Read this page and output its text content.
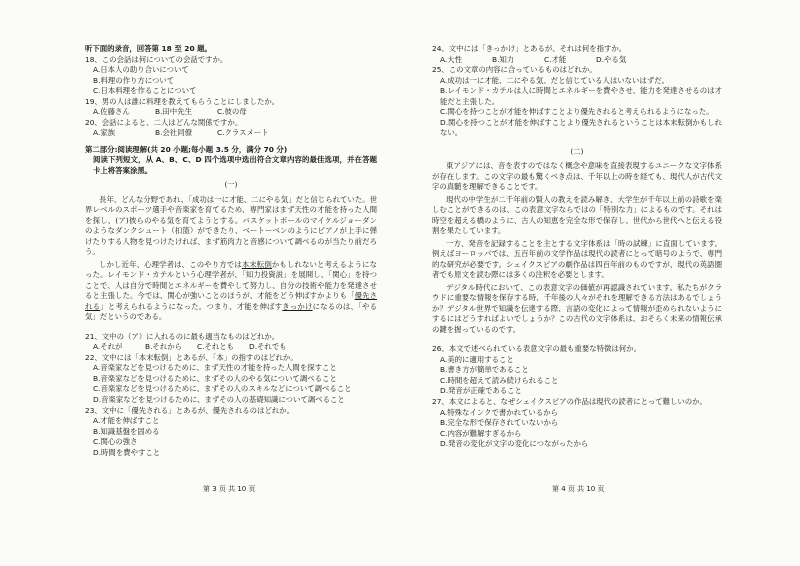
听下面的录音，回答第 18 至 20 题。
18、この会話は何についての会話ですか。
A.日本人の助り合いについて
B.料理の作り方について
C.日本料理を作ることについて
19、男の人は誰に料理を教えてもらうことにしましたか。
A.佐藤さん	B.田中先生	C.彼の母
20、会話によると、二人はどんな関係ですか。
A.家族	B.会社同僚	C.クラスメート
第二部分:阅读理解(共 20 小题;每小题 3.5 分，满分 70 分)
阅读下列短文，从 A、B、C、D 四个选项中选出符合文章内容的最佳选项，并在答题卡上将答案涂黑。
(一)
長年、どんな分野であれ、「成功は一に才能、二にやる気」だと信じられていた。世界レベルのスポーツ選手や音楽家を育てるため、専門家はまず天性の才能を持った人間を探し、(ア)彼らのやる気を育てようとする。バスケットボールのマイケルジョーダンのようなダンクシュート（扣篮）ができたり、ベートーベンのようにピアノが上手に弾けたりする人物を見つけたければ、まず筋肉力と音感について調べるのが当たり前だろう。
しかし近年、心理学者は、このやり方では本末転倒かもしれないと考えるようになった。レイモンド・カテルという心理学者が、「知力投資説」を展開し、「関心」を持つことで、人は自分で時間とエネルギーを費やして努力し、自分の技術や能力を発達させると主張した。今では、関心が強いことのほうが、才能をどう伸ばすかよりも「優先される」と考えられるようになった。つまり、才能を伸ばすきっかけになるのは、「やる気」だというのである。
21、文中の（ア）に入れるのに最も適当なものはどれか。
A.それが	B.それから	C.それとも	D.それでも
22、文中には「本末転倒」とあるが、「本」の指すのはどれか。
A.音楽家などを見つけるために、まず天性の才能を持った人間を探すこと
B.音楽家などを見つけるために、まずその人のやる気について調べること
C.音楽家などを見つけるために、まずその人のスキルなどについて調べること
D.音楽家などを見つけるために、まずその人の基礎知識について調べること
23、文中に「優先される」とあるが、優先されるのはどれか。
A.才能を伸ばすこと
B.知識基盤を固める
C.関心の強さ
D.時間を費やすこと
第 3 页 共 10 页
24、文中には「きっかけ」とあるが、それは何を指すか。
A.大性	B.知力	C.才能	D.やる気
25、この文章の内容に合っているものはどれか。
A.成功は一に才能、二にやる気、だと信じている人はいないはずだ。
B.レイモンド・カテルは人に時間とエネルギーを費やさせ、能力を発達させるのは才能だと主張した。
C.関心を持つことが才能を伸ばすことより優先されると考えられるようになった。
D.関心を持つことが才能を伸ばすことより優先されるということは本末転倒かもしれない。
(二)
東アジアには、音を表すのではなく概念や意味を直接表現するユニークな文字体系が存在します。この文字の最も驚くべき点は、千年以上の時を経ても、現代人が古代文字の真髄を理解できることです。
現代の中学生が二千年前の賢人の教えを読み解き、大学生が千年以上前の詩歌を楽しむことができるのは、この表意文字ならではの「特別な力」によるものです。それは時空を超える橋のように、古人の知恵を完全な形で保存し、世代から世代へと伝える役割を果たしています。
一方、発音を記録することを主とする文字体系は「時の試練」に直面しています。例えばヨーロッパでは、五百年前の文学作品は現代の読者にとって暗号のようで、専門的な研究が必要です。シェイクスピアの劇作品は四百年前のものですが、現代の英語圏者でも原文を読む際には多くの注釈を必要とします。
デジタル時代において、この表意文字の価値が再認識されています。私たちがクラウドに重要な情報を保存する時、千年後の人々がそれを理解できる方法はあるでしょうか？デジタル世界で知識を伝達する際、言語の変化によって情報が歪められないようにするにはどうすればよいでしょうか？この古代の文字体系は、おそらく未来の情報伝承の鍵を握っているのです。
26、本文で述べられている表意文字の最も重要な特徴は何か。
A.美的に適用すること
B.書き方が簡単であること
C.時間を超えて読み続けられること
D.発音が正確であること
27、本文によると、なぜシェイクスピアの作品は現代の読者にとって難しいのか。
A.特殊なインクで書かれているから
B.完全な形で保存されていないから
C.内容が難解すぎるから
D.発音の変化が文字の変化につながったから
第 4 页 共 10 页
